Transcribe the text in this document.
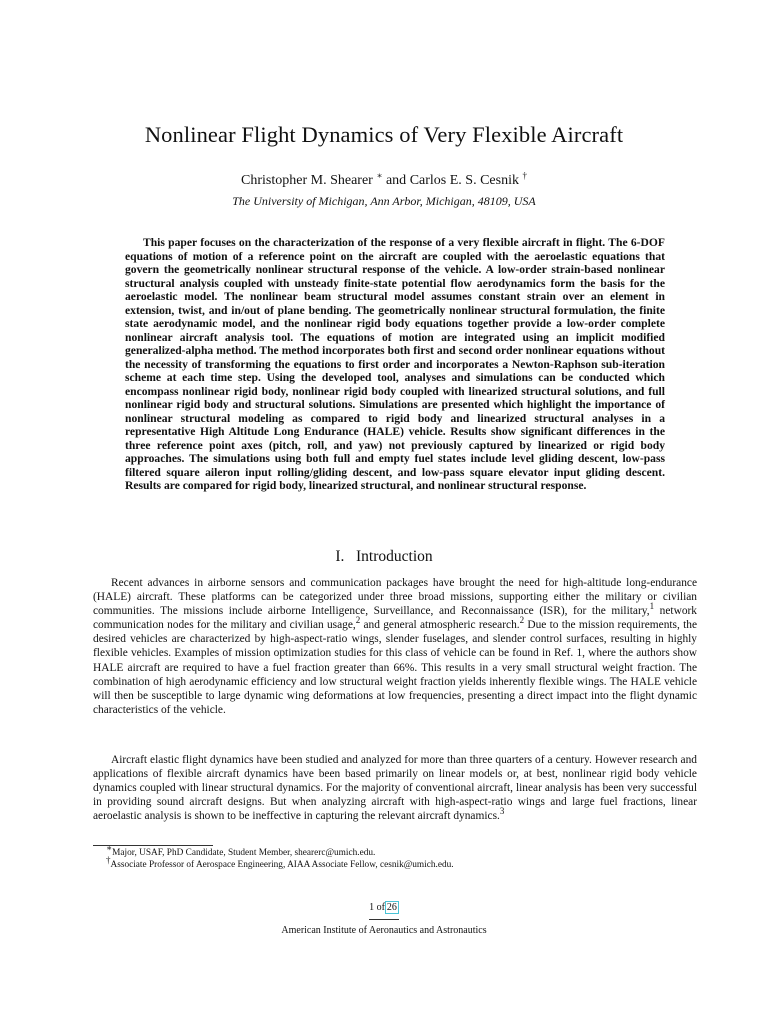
Nonlinear Flight Dynamics of Very Flexible Aircraft
Christopher M. Shearer ∗ and Carlos E. S. Cesnik †
The University of Michigan, Ann Arbor, Michigan, 48109, USA

This paper focuses on the characterization of the response of a very flexible aircraft in flight. The 6-DOF equations of motion of a reference point on the aircraft are coupled with the aeroelastic equations that govern the geometrically nonlinear structural response of the vehicle. A low-order strain-based nonlinear structural analysis coupled with unsteady finite-state potential flow aerodynamics form the basis for the aeroelastic model. The nonlinear beam structural model assumes constant strain over an element in extension, twist, and in/out of plane bending. The geometrically nonlinear structural formulation, the finite state aerodynamic model, and the nonlinear rigid body equations together provide a low-order complete nonlinear aircraft analysis tool. The equations of motion are integrated using an implicit modified generalized-alpha method. The method incorporates both first and second order nonlinear equations without the necessity of transforming the equations to first order and incorporates a Newton-Raphson sub-iteration scheme at each time step. Using the developed tool, analyses and simulations can be conducted which encompass nonlinear rigid body, nonlinear rigid body coupled with linearized structural solutions, and full nonlinear rigid body and structural solutions. Simulations are presented which highlight the importance of nonlinear structural modeling as compared to rigid body and linearized structural analyses in a representative High Altitude Long Endurance (HALE) vehicle. Results show significant differences in the three reference point axes (pitch, roll, and yaw) not previously captured by linearized or rigid body approaches. The simulations using both full and empty fuel states include level gliding descent, low-pass filtered square aileron input rolling/gliding descent, and low-pass square elevator input gliding descent. Results are compared for rigid body, linearized structural, and nonlinear structural response.

I. Introduction

Recent advances in airborne sensors and communication packages have brought the need for high-altitude long-endurance (HALE) aircraft. These platforms can be categorized under three broad missions, supporting either the military or civilian communities. The missions include airborne Intelligence, Surveillance, and Reconnaissance (ISR), for the military,$^1$ network communication nodes for the military and civilian usage,$^2$ and general atmospheric research.$^2$ Due to the mission requirements, the desired vehicles are characterized by high-aspect-ratio wings, slender fuselages, and slender control surfaces, resulting in highly flexible vehicles. Examples of mission optimization studies for this class of vehicle can be found in Ref. 1, where the authors show HALE aircraft are required to have a fuel fraction greater than 66%. This results in a very small structural weight fraction. The combination of high aerodynamic efficiency and low structural weight fraction yields inherently flexible wings. The HALE vehicle will then be susceptible to large dynamic wing deformations at low frequencies, presenting a direct impact into the flight dynamic characteristics of the vehicle.

Aircraft elastic flight dynamics have been studied and analyzed for more than three quarters of a century. However research and applications of flexible aircraft dynamics have been based primarily on linear models or, at best, nonlinear rigid body vehicle dynamics coupled with linear structural dynamics. For the majority of conventional aircraft, linear analysis has been very successful in providing sound aircraft designs. But when analyzing aircraft with high-aspect-ratio wings and large fuel fractions, linear aeroelastic analysis is shown to be ineffective in capturing the relevant aircraft dynamics.$^3$

∗Major, USAF, PhD Candidate, Student Member, shearerc@umich.edu.
†Associate Professor of Aerospace Engineering, AIAA Associate Fellow, cesnik@umich.edu.
1 of 26
American Institute of Aeronautics and Astronautics
